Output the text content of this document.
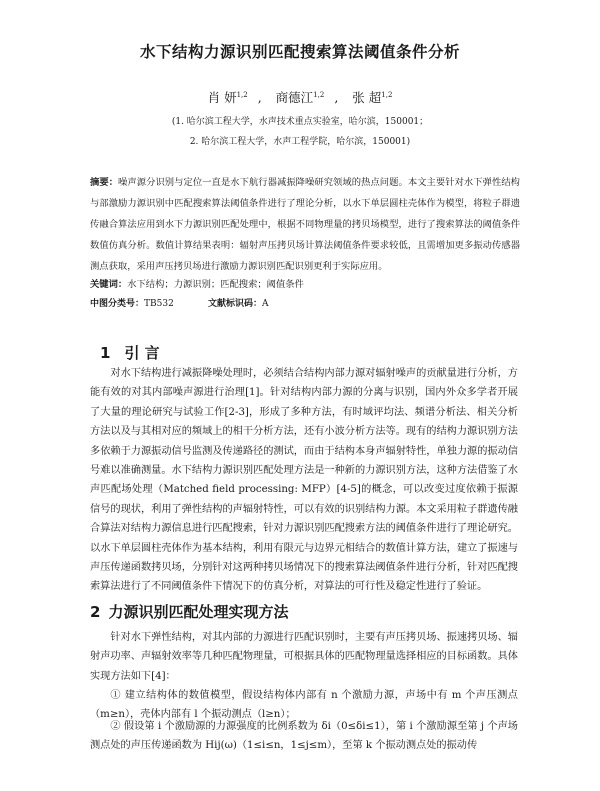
水下结构力源识别匹配搜索算法阈值条件分析
肖 妍$^{1,2}$ , 商德江$^{1,2}$ , 张 超$^{1,2}$
(1. 哈尔滨工程大学，水声技术重点实验室，哈尔滨，150001；
2. 哈尔滨工程大学，水声工程学院，哈尔滨，150001)
摘要：噪声源分识别与定位一直是水下航行器减振降噪研究领域的热点问题。本文主要针对水下弹性结构与部激励力源识别中匹配搜索算法阈值条件进行了理论分析，以水下单层圆柱壳体作为模型，将粒子群遗传融合算法应用到水下力源识别匹配处理中，根据不同物理量的拷贝场模型，进行了搜索算法的阈值条件数值仿真分析。数值计算结果表明：辐射声压拷贝场计算法阈值条件要求较低，且需增加更多振动传感器测点获取，采用声压拷贝场进行激励力源识别匹配识别更利于实际应用。
关键词：水下结构；力源识别；匹配搜索；阈值条件
中图分类号：TB532	文献标识码：A
1 引 言

对水下结构进行减振降噪处理时，必须结合结构内部力源对辐射噪声的贡献量进行分析，方能有效的对其内部噪声源进行治理[1]。针对结构内部力源的分离与识别，国内外众多学者开展了大量的理论研究与试验工作[2-3]，形成了多种方法，有时域评均法、频谱分析法、相关分析方法以及与其相对应的频域上的相干分析方法，还有小波分析方法等。现有的结构力源识别方法多依赖于力源振动信号监测及传递路径的测试，而由于结构本身声辐射特性，单独力源的振动信号难以准确测量。水下结构力源识别匹配处理方法是一种新的力源识别方法，这种方法借鉴了水声匹配场处理（Matched field processing: MFP）[4-5]的概念，可以改变过度依赖于振源信号的现状，利用了弹性结构的声辐射特性，可以有效的识别结构力源。本文采用粒子群遗传融合算法对结构力源信息进行匹配搜索，针对力源识别匹配搜索方法的阈值条件进行了理论研究。以水下单层圆柱壳体作为基本结构，利用有限元与边界元相结合的数值计算方法，建立了振速与声压传递函数拷贝场，分别针对这两种拷贝场情况下的搜索算法阈值条件进行分析，针对匹配搜索算法进行了不同阈值条件下情况下的仿真分析，对算法的可行性及稳定性进行了验证。

2 力源识别匹配处理实现方法

针对水下弹性结构，对其内部的力源进行匹配识别时，主要有声压拷贝场、振速拷贝场、辐射声功率、声辐射效率等几种匹配物理量，可根据具体的匹配物理量选择相应的目标函数。具体实现方法如下[4]：

① 建立结构体的数值模型，假设结构体内部有 n 个激励力源，声场中有 m 个声压测点（m≥n），壳体内部有 l 个振动测点（l≥n）；

② 假设第 i 个激励源的力源强度的比例系数为 δi（0≤δi≤1），第 i 个激励源至第 j 个声场测点处的声压传递函数为 Hij(ω)（1≤i≤n，1≤j≤m），至第 k 个振动测点处的振动传
